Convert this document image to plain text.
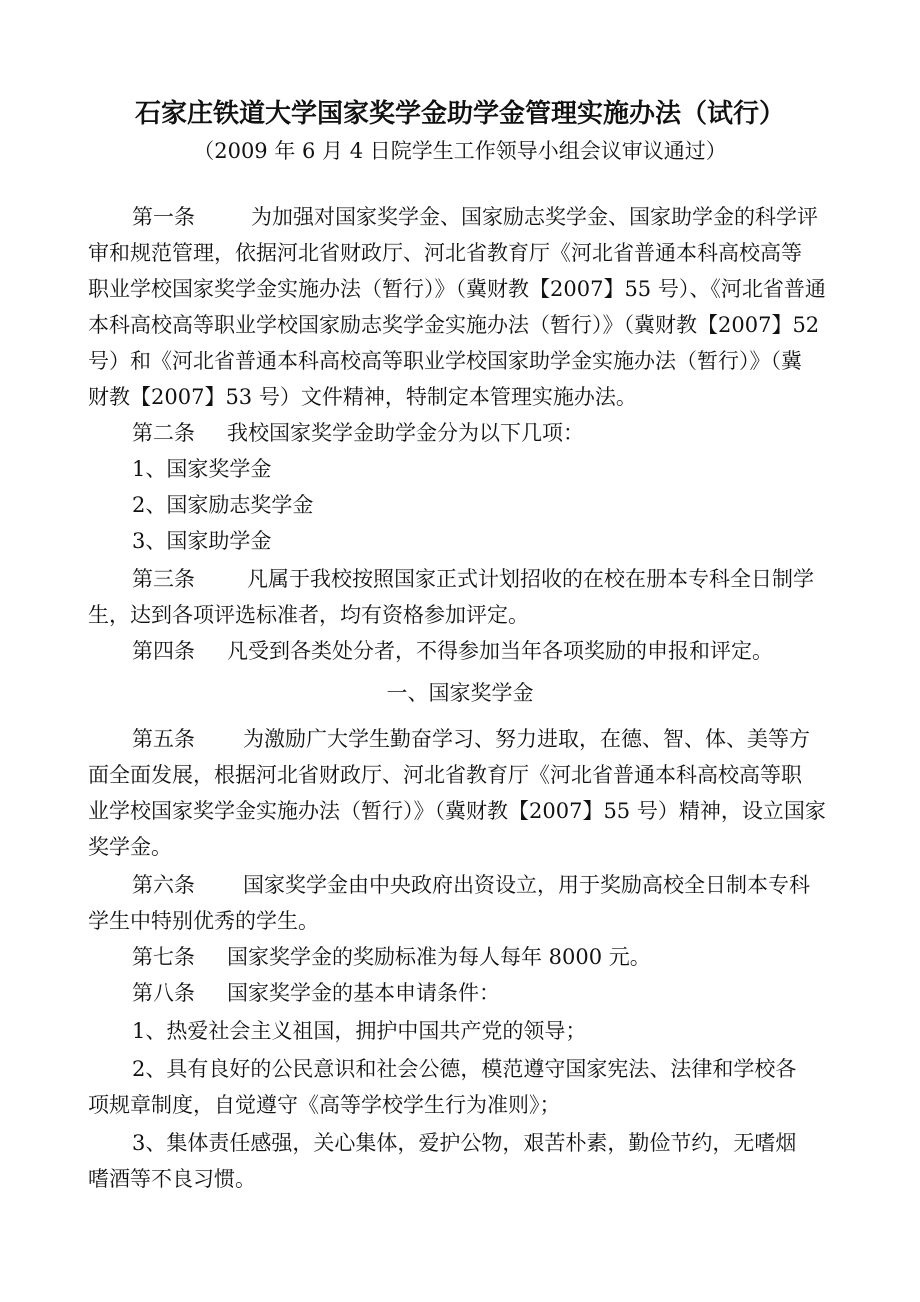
石家庄铁道大学国家奖学金助学金管理实施办法（试行）
（2009 年 6 月 4 日院学生工作领导小组会议审议通过）
第一条	为加强对国家奖学金、国家励志奖学金、国家助学金的科学评
审和规范管理，依据河北省财政厅、河北省教育厅《河北省普通本科高校高等
职业学校国家奖学金实施办法（暂行）》（冀财教【2007】55 号）、《河北省普通
本科高校高等职业学校国家励志奖学金实施办法（暂行）》（冀财教【2007】52
号）和《河北省普通本科高校高等职业学校国家助学金实施办法（暂行）》（冀
财教【2007】53 号）文件精神，特制定本管理实施办法。
第二条 我校国家奖学金助学金分为以下几项：
1、国家奖学金
2、国家励志奖学金
3、国家助学金
第三条 凡属于我校按照国家正式计划招收的在校在册本专科全日制学
生，达到各项评选标准者，均有资格参加评定。
第四条 凡受到各类处分者，不得参加当年各项奖励的申报和评定。
一、国家奖学金
第五条 为激励广大学生勤奋学习、努力进取，在德、智、体、美等方
面全面发展，根据河北省财政厅、河北省教育厅《河北省普通本科高校高等职
业学校国家奖学金实施办法（暂行）》（冀财教【2007】55 号）精神，设立国家
奖学金。
第六条 国家奖学金由中央政府出资设立，用于奖励高校全日制本专科
学生中特别优秀的学生。
第七条 国家奖学金的奖励标准为每人每年 8000 元。
第八条 国家奖学金的基本申请条件：
1、热爱社会主义祖国，拥护中国共产党的领导；
2、具有良好的公民意识和社会公德，模范遵守国家宪法、法律和学校各
项规章制度，自觉遵守《高等学校学生行为准则》；
3、集体责任感强，关心集体，爱护公物，艰苦朴素，勤俭节约，无嗜烟
嗜酒等不良习惯。
